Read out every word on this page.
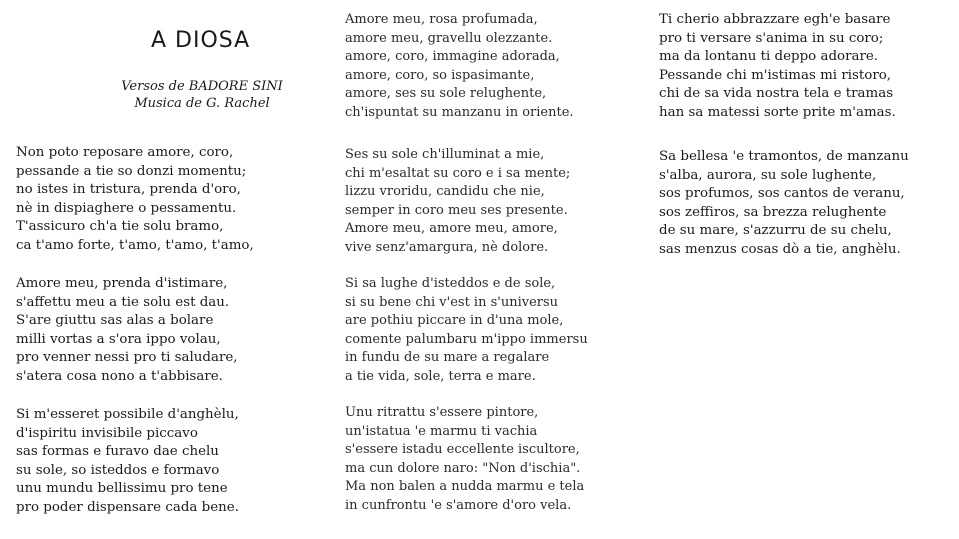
A DIOSA
Versos de BADORE SINI
Musica de G. Rachel
Non poto reposare amore, coro,
pessande a tie so donzi momentu;
no istes in tristura, prenda d'oro,
nè in dispiaghere o pessamentu.
T'assicuro ch'a tie solu bramo,
ca t'amo forte, t'amo, t'amo, t'amo,
Amore meu, prenda d'istimare,
s'affettu meu a tie solu est dau.
S'are giuttu sas alas a bolare
milli vortas a s'ora ippo volau,
pro venner nessi pro ti saludare,
s'atera cosa nono a t'abbisare.
Si m'esseret possibile d'anghèlu,
d'ispiritu invisibile piccavo
sas formas e furavo dae chelu
su sole, so isteddos e formavo
unu mundu bellissimu pro tene
pro poder dispensare cada bene.
Amore meu, rosa profumada,
amore meu, gravellu olezzante.
amore, coro, immagine adorada,
amore, coro, so ispasimante,
amore, ses su sole relughente,
ch'ispuntat su manzanu in oriente.
Ses su sole ch'illuminat a mie,
chi m'esaltat su coro e i sa mente;
lizzu vroridu, candidu che nie,
semper in coro meu ses presente.
Amore meu, amore meu, amore,
vive senz'amargura, nè dolore.
Si sa lughe d'isteddos e de sole,
si su bene chi v'est in s'universu
are pothiu piccare in d'una mole,
comente palumbaru m'ippo immersu
in fundu de su mare a regalare
a tie vida, sole, terra e mare.
Unu ritrattu s'essere pintore,
un'istatua 'e marmu ti vachia
s'essere istadu eccellente iscultore,
ma cun dolore naro: "Non d'ischia".
Ma non balen a nudda marmu e tela
in cunfrontu 'e s'amore d'oro vela.
Ti cherio abbrazzare egh'e basare
pro ti versare s'anima in su coro;
ma da lontanu ti deppo adorare.
Pessande chi m'istimas mi ristoro,
chi de sa vida nostra tela e tramas
han sa matessi sorte prite m'amas.
Sa bellesa 'e tramontos, de manzanu
s'alba, aurora, su sole lughente,
sos profumos, sos cantos de veranu,
sos zeffiros, sa brezza relughente
de su mare, s'azzurru de su chelu,
sas menzus cosas dò a tie, anghèlu.
